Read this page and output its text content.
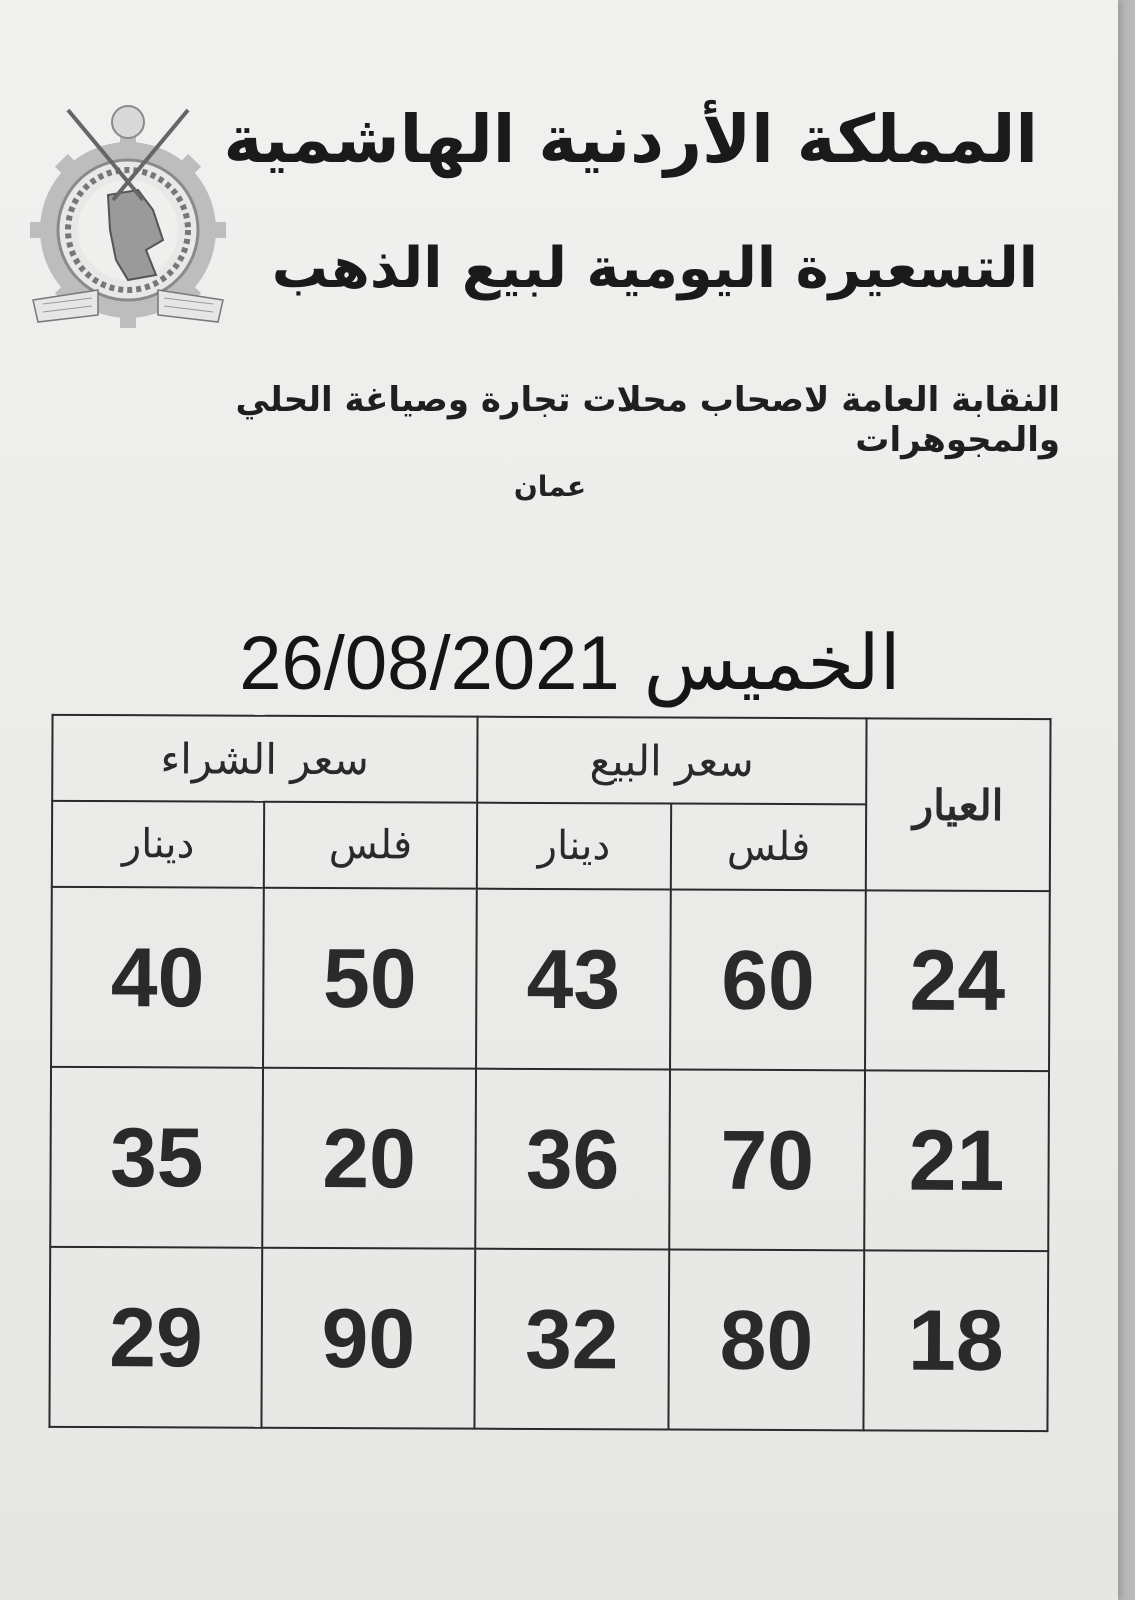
المملكة الأردنية الهاشمية
التسعيرة اليومية لبيع الذهب
النقابة العامة لاصحاب محلات تجارة وصياغة الحلي والمجوهرات
عمان
26/08/2021 الخميس
العيار	سعر البيع		سعر الشراء	
	فلس	دينار	فلس	دينار
24	60	43	50	40
21	70	36	20	35
18	80	32	90	29
